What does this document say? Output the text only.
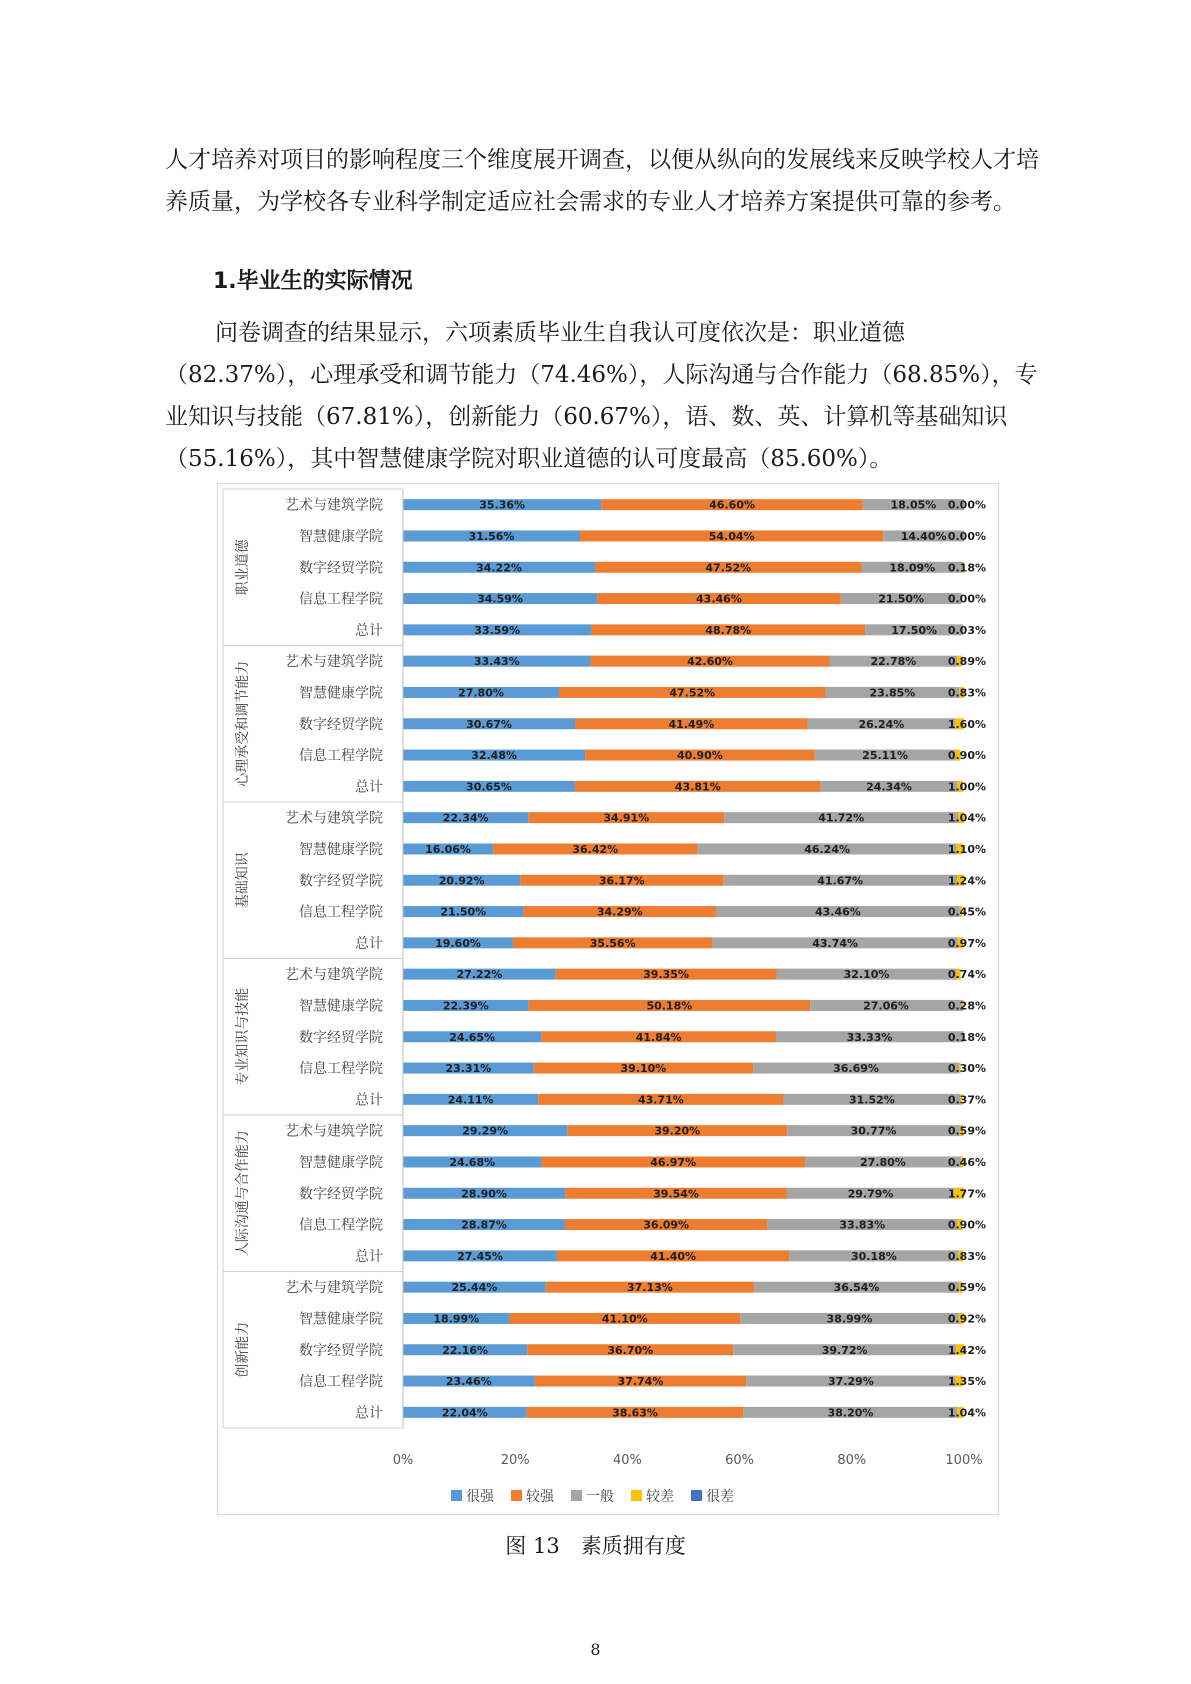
人才培养对项目的影响程度三个维度展开调查，以便从纵向的发展线来反映学校人才培养质量，为学校各专业科学制定适应社会需求的专业人才培养方案提供可靠的参考。

1.毕业生的实际情况

问卷调查的结果显示，六项素质毕业生自我认可度依次是：职业道德（82.37%），心理承受和调节能力（74.46%），人际沟通与合作能力（68.85%），专业知识与技能（67.81%），创新能力（60.67%），语、数、英、计算机等基础知识（55.16%），其中智慧健康学院对职业道德的认可度最高（85.60%）。

职业道德
艺术与建筑学院	35.36%	46.60%	18.05% 0.00%
智慧健康学院	31.56%	54.04%	14.40% 0.00%
数字经贸学院	34.22%	47.52%	18.09% 0.18%
信息工程学院	34.59%	43.46%	21.50% 0.00%
总计	33.59%	48.78%	17.50% 0.03%
心理承受和调节能力 艺术与建筑学院	33.43%	42.60%	22.78%	0.89%
智慧健康学院	27.80%	47.52%	23.85%	0.83%
数字经贸学院	30.67%	41.49%	26.24%	1.60%
信息工程学院	32.48%	40.90%	25.11%	0.90%
总计	30.65%	43.81%	24.34%	1.00%
基础知识
艺术与建筑学院	22.34%	34.91%	41.72%	1.04%
智慧健康学院	16.06%	36.42%	46.24%	1.10%
数字经贸学院	20.92%	36.17%	41.67%	1.24%
信息工程学院	21.50%	34.29%	43.46%	0.45%
总计	19.60%	35.56%	43.74%	0.97%
专业知识与技能
艺术与建筑学院	27.22%	39.35%	32.10%	0.74%
智慧健康学院	22.39%	50.18%	27.06%	0.28%
数字经贸学院	24.65%	41.84%	33.33%	0.18%
信息工程学院	23.31%	39.10%	36.69%	0.30%
总计	24.11%	43.71%	31.52%	0.37%
人际沟通与合作能力 艺术与建筑学院	29.29%	39.20%	30.77%	0.59%
智慧健康学院	24.68%	46.97%	27.80%	0.46%
数字经贸学院	28.90%	39.54%	29.79%	1.77%
信息工程学院	28.87%	36.09%	33.83%	0.90%
总计	27.45%	41.40%	30.18%	0.83%
创新能力
艺术与建筑学院	25.44%	37.13%	36.54%	0.59%
智慧健康学院	18.99%	41.10%	38.99%	0.92%
数字经贸学院	22.16%	36.70%	39.72%	1.42%
信息工程学院	23.46%	37.74%	37.29%	1.35%
总计	22.04%	38.63%	38.20%	1.04%
0%	20%	40%	60%	80%	100%
很强 较强 一般 较差 很差
图 13　素质拥有度
8
